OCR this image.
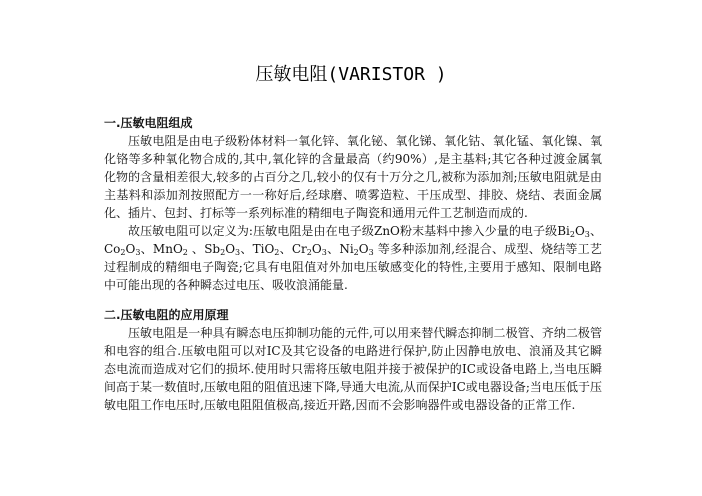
压敏电阻(VARISTOR )
一.压敏电阻组成

压敏电阻是由电子级粉体材料一氧化锌、氧化铋、氧化锑、氧化钴、氧化锰、氧化镍、氧化铬等多种氧化物合成的,其中,氧化锌的含量最高（约90%）,是主基料;其它各种过渡金属氧化物的含量相差很大,较多的占百分之几,较小的仅有十万分之几,被称为添加剂;压敏电阻就是由主基料和添加剂按照配方一一称好后,经球磨、喷雾造粒、干压成型、排胶、烧结、表面金属化、插片、包封、打标等一系列标准的精细电子陶瓷和通用元件工艺制造而成的.

故压敏电阻可以定义为:压敏电阻是由在电子级ZnO粉末基料中掺入少量的电子级$Bi_2O_3$、$Co_2O_3$、MnO$_2$ 、$Sb_2O_3$、TiO$_2$、$Cr_2O_3$、$Ni_2O_3$ 等多种添加剂,经混合、成型、烧结等工艺过程制成的精细电子陶瓷;它具有电阻值对外加电压敏感变化的特性,主要用于感知、限制电路中可能出现的各种瞬态过电压、吸收浪涌能量.

二.压敏电阻的应用原理

压敏电阻是一种具有瞬态电压抑制功能的元件,可以用来替代瞬态抑制二极管、齐纳二极管和电容的组合.压敏电阻可以对IC及其它设备的电路进行保护,防止因静电放电、浪涌及其它瞬态电流而造成对它们的损坏.使用时只需将压敏电阻并接于被保护的IC或设备电路上,当电压瞬间高于某一数值时,压敏电阻的阻值迅速下降,导通大电流,从而保护IC或电器设备;当电压低于压敏电阻工作电压时,压敏电阻阻值极高,接近开路,因而不会影响器件或电器设备的正常工作.
